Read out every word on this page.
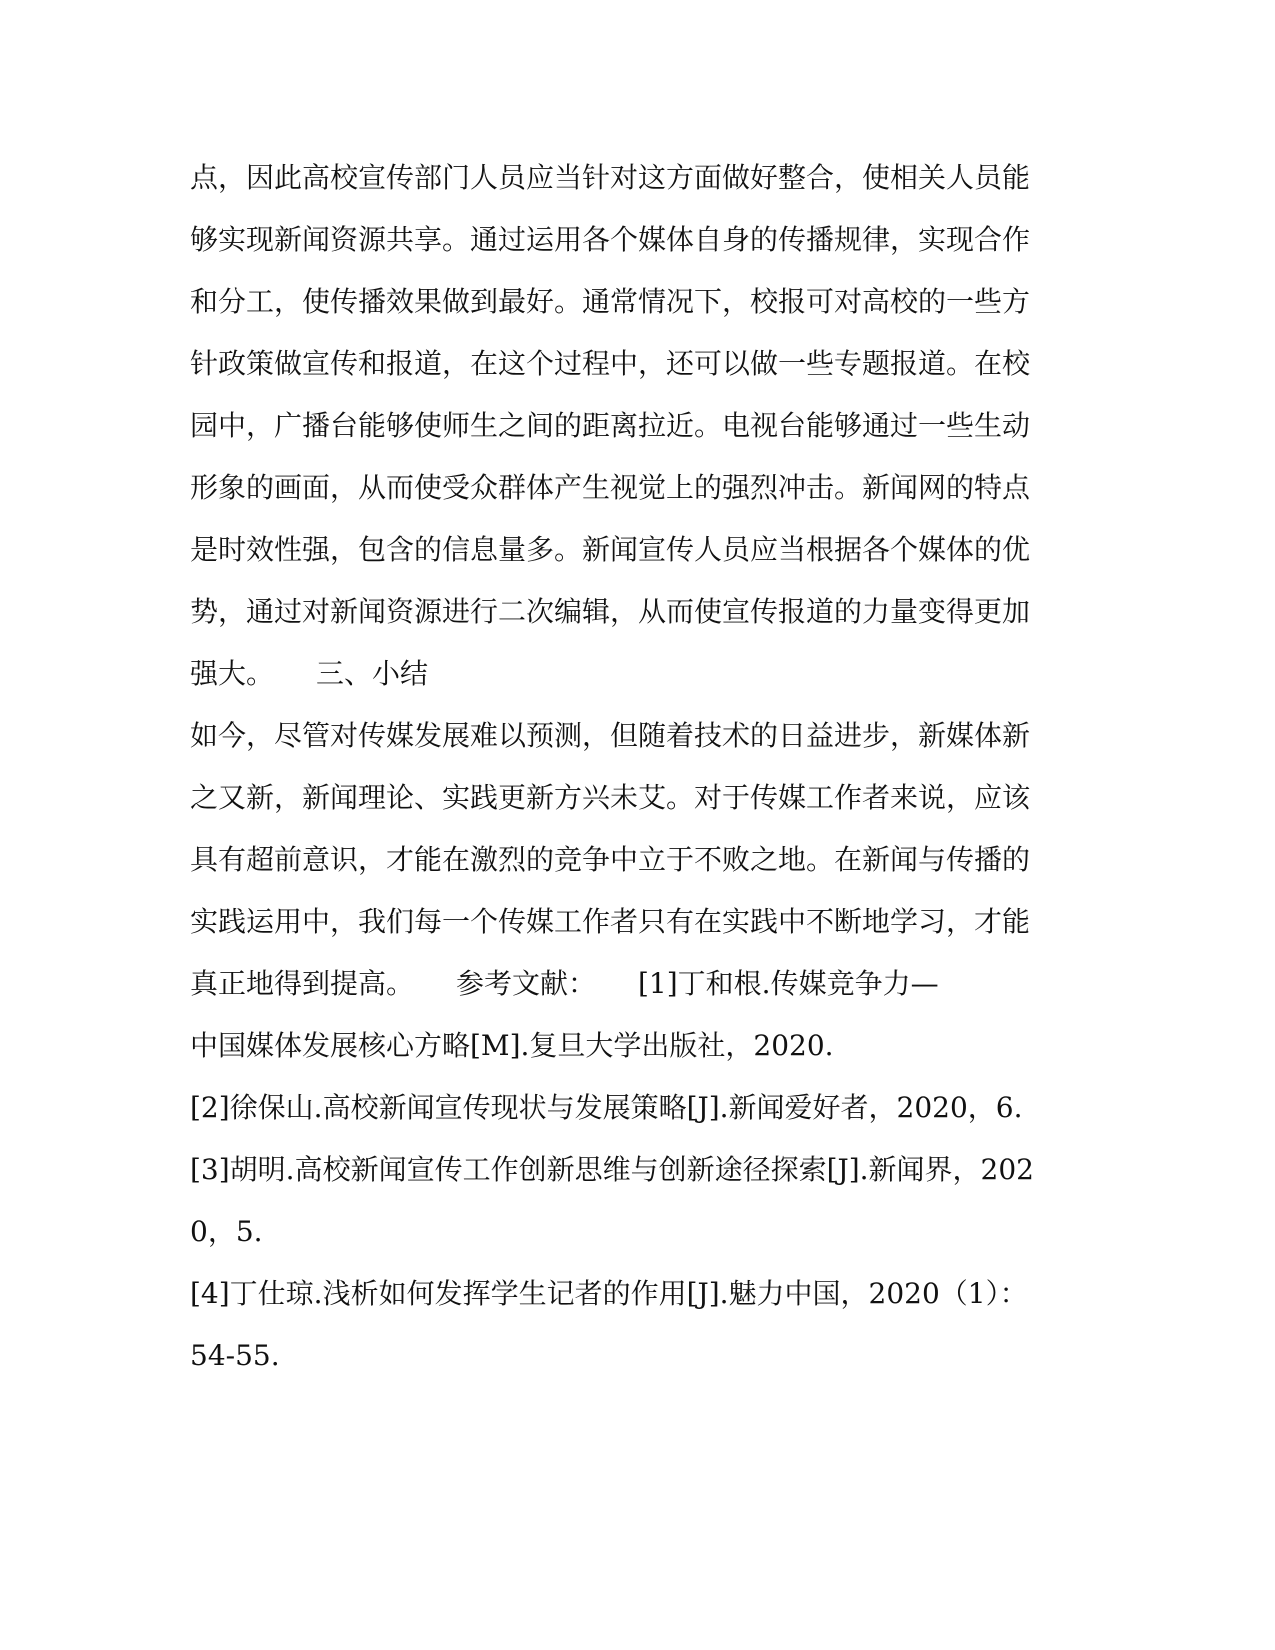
点，因此高校宣传部门人员应当针对这方面做好整合，使相关人员能
够实现新闻资源共享。通过运用各个媒体自身的传播规律，实现合作
和分工，使传播效果做到最好。通常情况下，校报可对高校的一些方
针政策做宣传和报道，在这个过程中，还可以做一些专题报道。在校
园中，广播台能够使师生之间的距离拉近。电视台能够通过一些生动
形象的画面，从而使受众群体产生视觉上的强烈冲击。新闻网的特点
是时效性强，包含的信息量多。新闻宣传人员应当根据各个媒体的优
势，通过对新闻资源进行二次编辑，从而使宣传报道的力量变得更加
强大。　　三、小结
如今，尽管对传媒发展难以预测，但随着技术的日益进步，新媒体新
之又新，新闻理论、实践更新方兴未艾。对于传媒工作者来说，应该
具有超前意识，才能在激烈的竞争中立于不败之地。在新闻与传播的
实践运用中，我们每一个传媒工作者只有在实践中不断地学习，才能
真正地得到提高。　　参考文献：　　[1]丁和根.传媒竞争力—
中国媒体发展核心方略[M].复旦大学出版社，2020.
[2]徐保山.高校新闻宣传现状与发展策略[J].新闻爱好者，2020，6.
[3]胡明.高校新闻宣传工作创新思维与创新途径探索[J].新闻界，202
0，5.
[4]丁仕琼.浅析如何发挥学生记者的作用[J].魅力中国，2020（1）：
54-55.
